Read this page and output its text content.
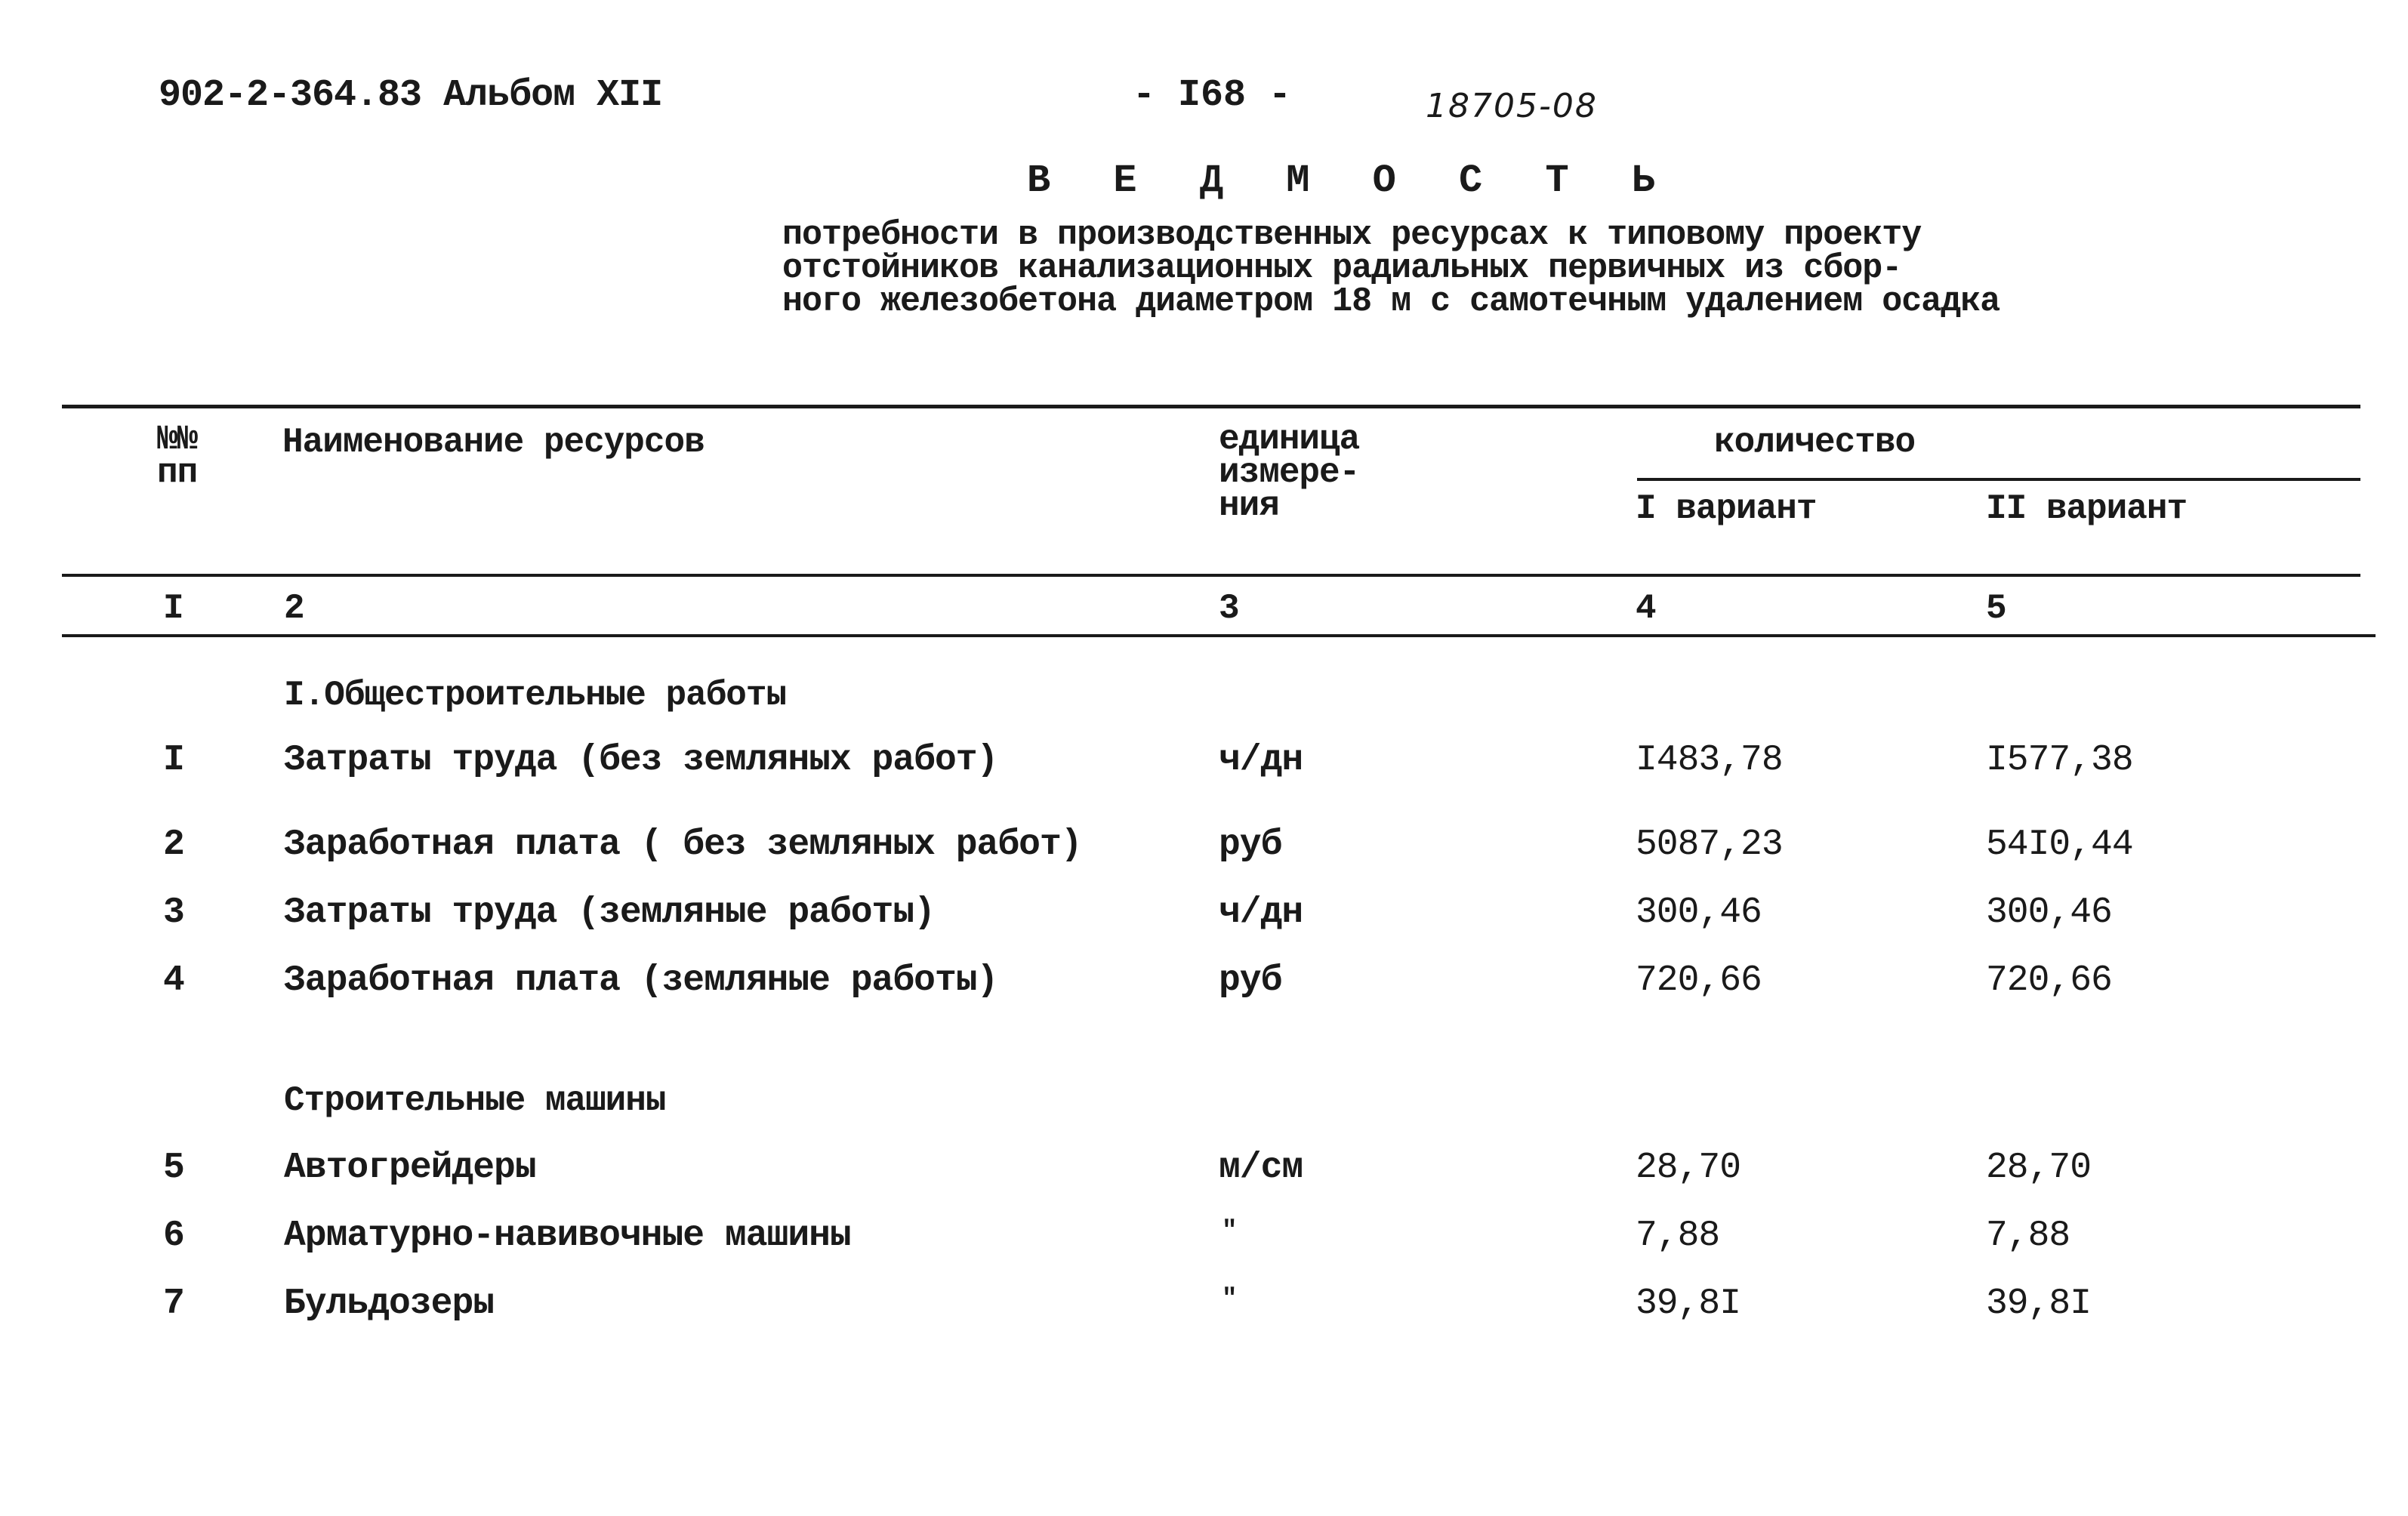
902-2-364.83 Альбом XII	- I68 -	18705-08
В Е Д М О С Т Ь
потребности в производственных ресурсах к типовому проекту
отстойников канализационных радиальных первичных из сбор-
ного железобетона диаметром 18 м с самотечным удалением осадка
№№
пп
Наименование ресурсов	единица
измере-
ния
количество
I вариант	II вариант
I	2	3	4	5
I.Общестроительные работы
I	Затраты труда (без земляных работ)	ч/дн	I483,78	I577,38
2	Заработная плата ( без земляных работ)	руб	5087,23	54I0,44
3	Затраты труда (земляные работы)	ч/дн	300,46	300,46
4	Заработная плата (земляные работы)	руб	720,66	720,66
Строительные машины
5	Автогрейдеры	м/см	28,70	28,70
6	Арматурно-навивочные машины	"	7,88	7,88
7	Бульдозеры	"	39,8I	39,8I
